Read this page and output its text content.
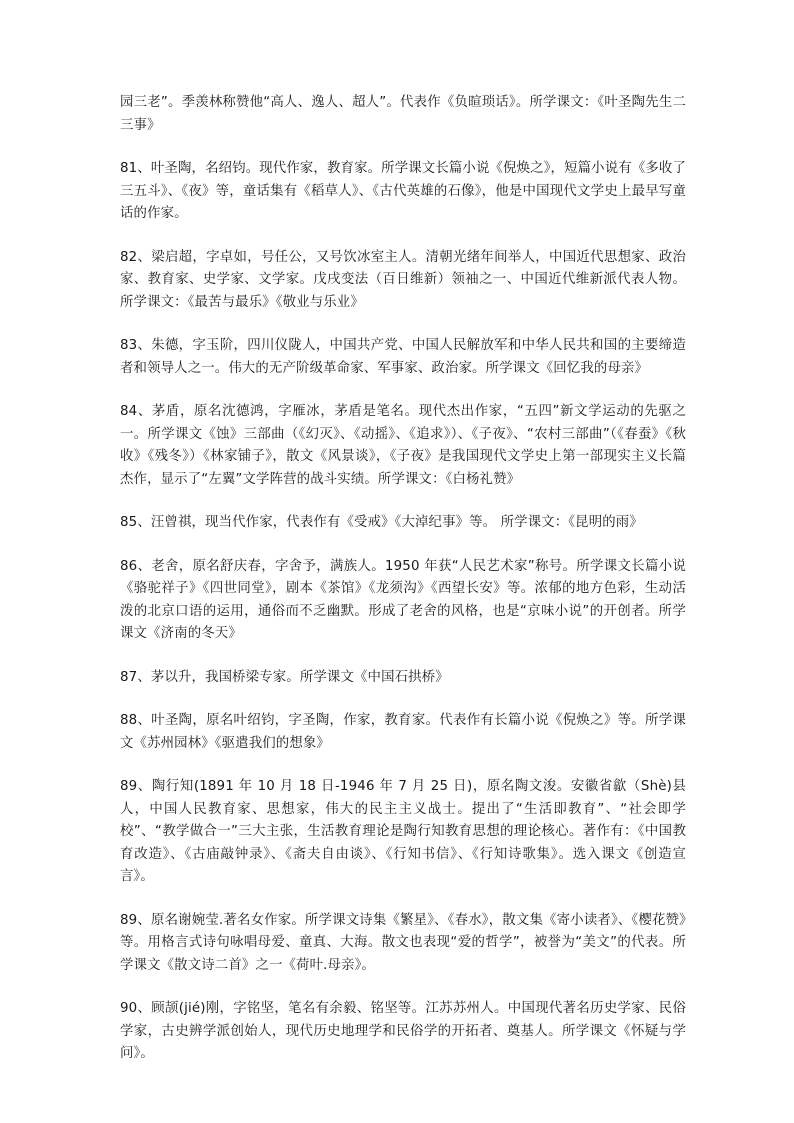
园三老”。季羡林称赞他“高人、逸人、超人”。代表作《负暄琐话》。所学课文：《叶圣陶先生二三事》

81、叶圣陶，名绍钧。现代作家，教育家。所学课文长篇小说《倪焕之》，短篇小说有《多收了三五斗》、《夜》等，童话集有《稻草人》、《古代英雄的石像》，他是中国现代文学史上最早写童话的作家。

82、梁启超，字卓如，号任公，又号饮冰室主人。清朝光绪年间举人，中国近代思想家、政治家、教育家、史学家、文学家。戊戌变法（百日维新）领袖之一、中国近代维新派代表人物。所学课文：《最苦与最乐》《敬业与乐业》

83、朱德，字玉阶，四川仪陇人，中国共产党、中国人民解放军和中华人民共和国的主要缔造者和领导人之一。伟大的无产阶级革命家、军事家、政治家。所学课文《回忆我的母亲》

84、茅盾，原名沈德鸿，字雁冰，茅盾是笔名。现代杰出作家，“五四”新文学运动的先驱之一。所学课文《蚀》三部曲（《幻灭》、《动摇》、《追求》）、《子夜》、“农村三部曲”（《春蚕》《秋收》《残冬》）《林家铺子》，散文《风景谈》，《子夜》是我国现代文学史上第一部现实主义长篇杰作，显示了“左翼”文学阵营的战斗实绩。所学课文：《白杨礼赞》

85、汪曾祺，现当代作家，代表作有《受戒》《大淖纪事》等。 所学课文：《昆明的雨》

86、老舍，原名舒庆春，字舍予，满族人。1950 年获“人民艺术家”称号。所学课文长篇小说《骆驼祥子》《四世同堂》，剧本《茶馆》《龙须沟》《西望长安》等。浓郁的地方色彩，生动活泼的北京口语的运用，通俗而不乏幽默。形成了老舍的风格，也是“京味小说”的开创者。所学课文《济南的冬天》

87、茅以升，我国桥梁专家。所学课文《中国石拱桥》

88、叶圣陶，原名叶绍钧，字圣陶，作家，教育家。代表作有长篇小说《倪焕之》等。所学课文《苏州园林》《驱遣我们的想象》

89、陶行知(1891 年 10 月 18 日-1946 年 7 月 25 日)，原名陶文浚。安徽省歙（Shè)县人，中国人民教育家、思想家，伟大的民主主义战士。提出了“生活即教育”、“社会即学校”、“教学做合一”三大主张，生活教育理论是陶行知教育思想的理论核心。著作有：《中国教育改造》、《古庙敲钟录》、《斋夫自由谈》、《行知书信》、《行知诗歌集》。选入课文《创造宣言》。

89、原名谢婉莹.著名女作家。所学课文诗集《繁星》、《春水》，散文集《寄小读者》、《樱花赞》等。用格言式诗句咏唱母爱、童真、大海。散文也表现“爱的哲学”，被誉为“美文”的代表。所学课文《散文诗二首》之一《荷叶.母亲》。

90、顾颉(jié)刚，字铭坚，笔名有余毅、铭坚等。江苏苏州人。中国现代著名历史学家、民俗学家，古史辨学派创始人，现代历史地理学和民俗学的开拓者、奠基人。所学课文《怀疑与学问》。
